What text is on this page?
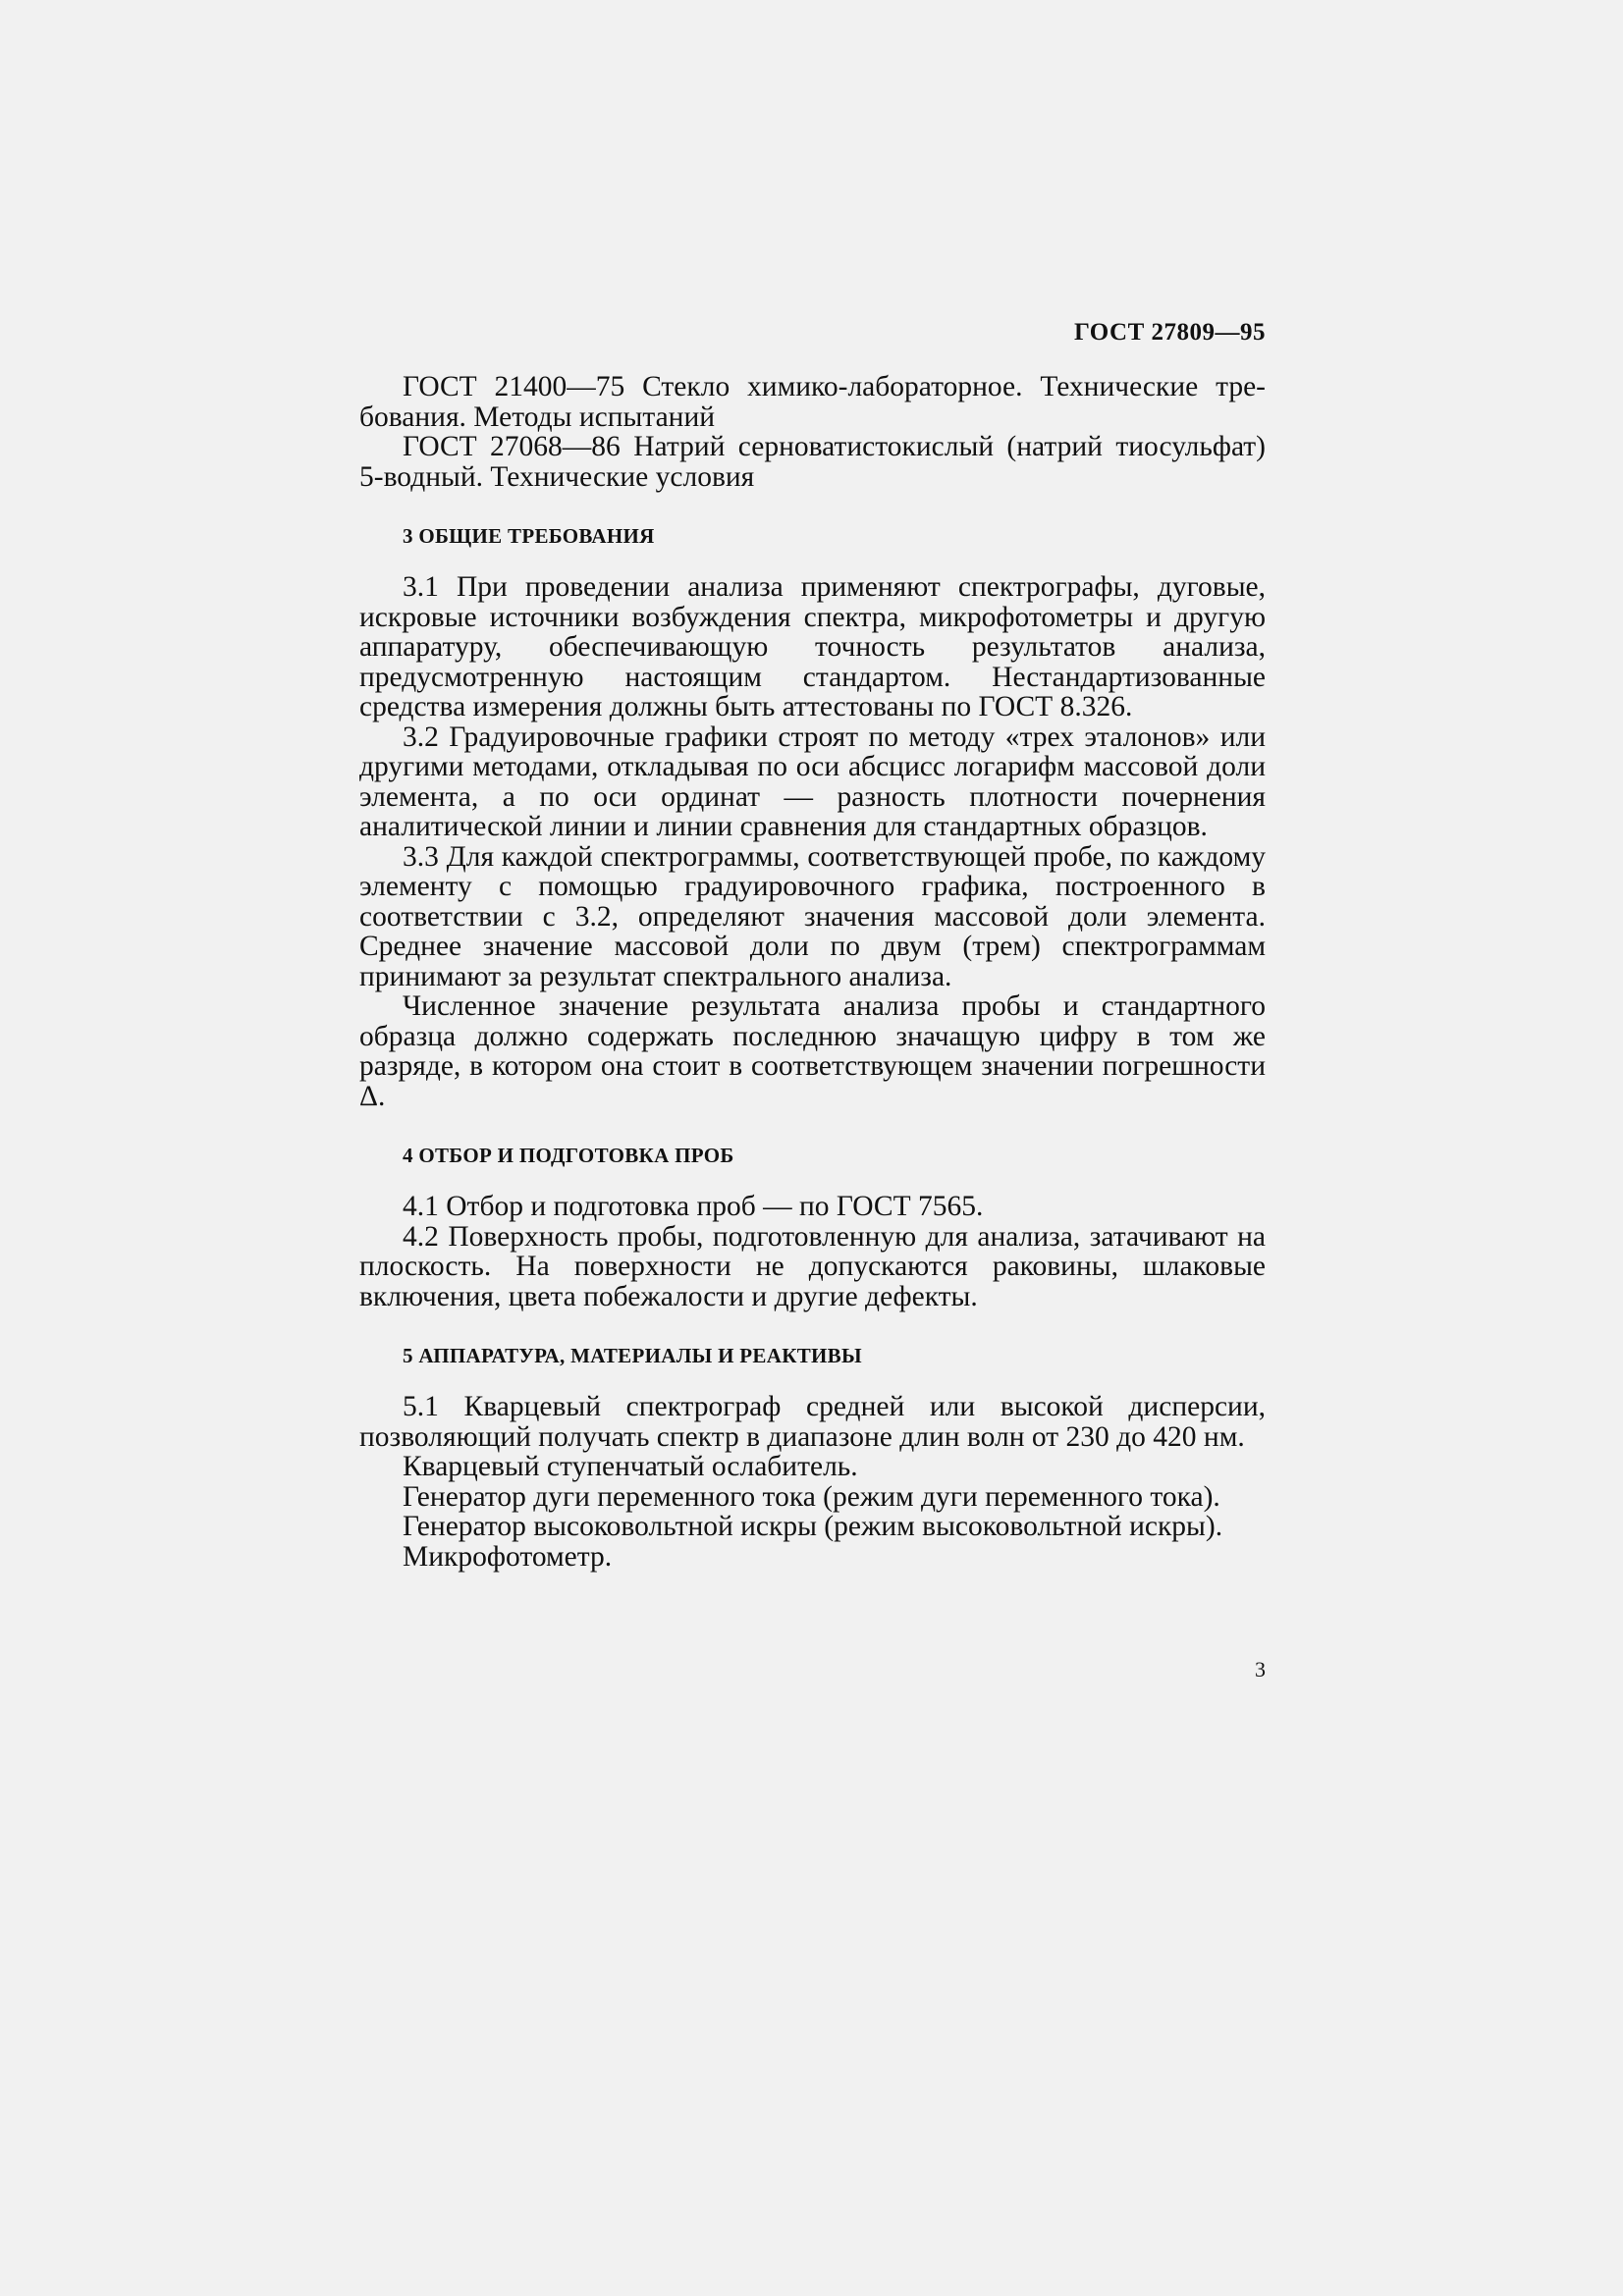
ГОСТ 27809—95

ГОСТ 21400—75 Стекло химико-лабораторное. Технические требования. Методы испытаний

ГОСТ 27068—86 Натрий серноватистокислый (натрий тиосульфат) 5-водный. Технические условия

3 ОБЩИЕ ТРЕБОВАНИЯ

3.1 При проведении анализа применяют спектрографы, дуговые, искровые источники возбуждения спектра, микрофотометры и другую аппаратуру, обеспечивающую точность результатов анализа, предусмотренную настоящим стандартом. Нестандартизованные средства измерения должны быть аттестованы по ГОСТ 8.326.

3.2 Градуировочные графики строят по методу «трех эталонов» или другими методами, откладывая по оси абсцисс логарифм массовой доли элемента, а по оси ординат — разность плотности почернения аналитической линии и линии сравнения для стандартных образцов.

3.3 Для каждой спектрограммы, соответствующей пробе, по каждому элементу с помощью градуировочного графика, построенного в соответствии с 3.2, определяют значения массовой доли элемента. Среднее значение массовой доли по двум (трем) спектрограммам принимают за результат спектрального анализа.

Численное значение результата анализа пробы и стандартного образца должно содержать последнюю значащую цифру в том же разряде, в котором она стоит в соответствующем значении погрешности Δ.

4 ОТБОР И ПОДГОТОВКА ПРОБ

4.1 Отбор и подготовка проб — по ГОСТ 7565.

4.2 Поверхность пробы, подготовленную для анализа, затачивают на плоскость. На поверхности не допускаются раковины, шлаковые включения, цвета побежалости и другие дефекты.

5 АППАРАТУРА, МАТЕРИАЛЫ И РЕАКТИВЫ

5.1 Кварцевый спектрограф средней или высокой дисперсии, позволяющий получать спектр в диапазоне длин волн от 230 до 420 нм.

Кварцевый ступенчатый ослабитель.

Генератор дуги переменного тока (режим дуги переменного тока).

Генератор высоковольтной искры (режим высоковольтной искры).

Микрофотометр.

3
